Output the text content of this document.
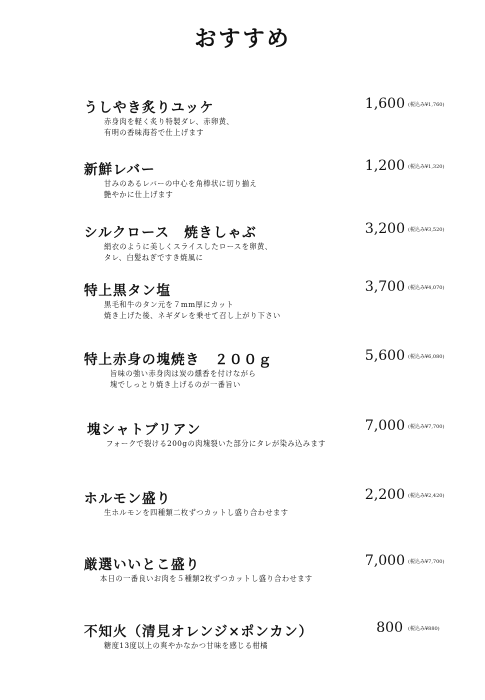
おすすめ
うしやき炙りユッケ	1,600 (税込み¥1,760)
赤身肉を軽く炙り特製ダレ、赤卵黄、
有明の香味海苔で仕上げます
新鮮レバー	1,200 (税込み¥1,320)
甘みのあるレバーの中心を角棒状に切り揃え
艶やかに仕上げます
シルクロース　焼きしゃぶ	3,200 (税込み¥3,520)
絹衣のように美しくスライスしたロースを卵黄、
タレ、白髪ねぎですき焼風に
特上黒タン塩	3,700 (税込み¥4,070)
黒毛和牛のタン元を７mm厚にカット
焼き上げた後、ネギダレを乗せて召し上がり下さい
特上赤身の塊焼き　２００ｇ	5,600 (税込み¥6,080)
旨味の強い赤身肉は炭の燻香を付けながら
塊でしっとり焼き上げるのが一番旨い
塊シャトブリアン	7,000 (税込み¥7,700)
フォークで裂ける200gの肉塊裂いた部分にタレが染み込みます
ホルモン盛り	2,200 (税込み¥2,420)
生ホルモンを四種類二枚ずつカットし盛り合わせます
厳選いいとこ盛り	7,000 (税込み¥7,700)
本日の一番良いお肉を５種類2枚ずつカットし盛り合わせます
不知火（清見オレンジ×ポンカン）	800 (税込み¥880)
糖度13度以上の爽やかなかつ甘味を感じる柑橘
